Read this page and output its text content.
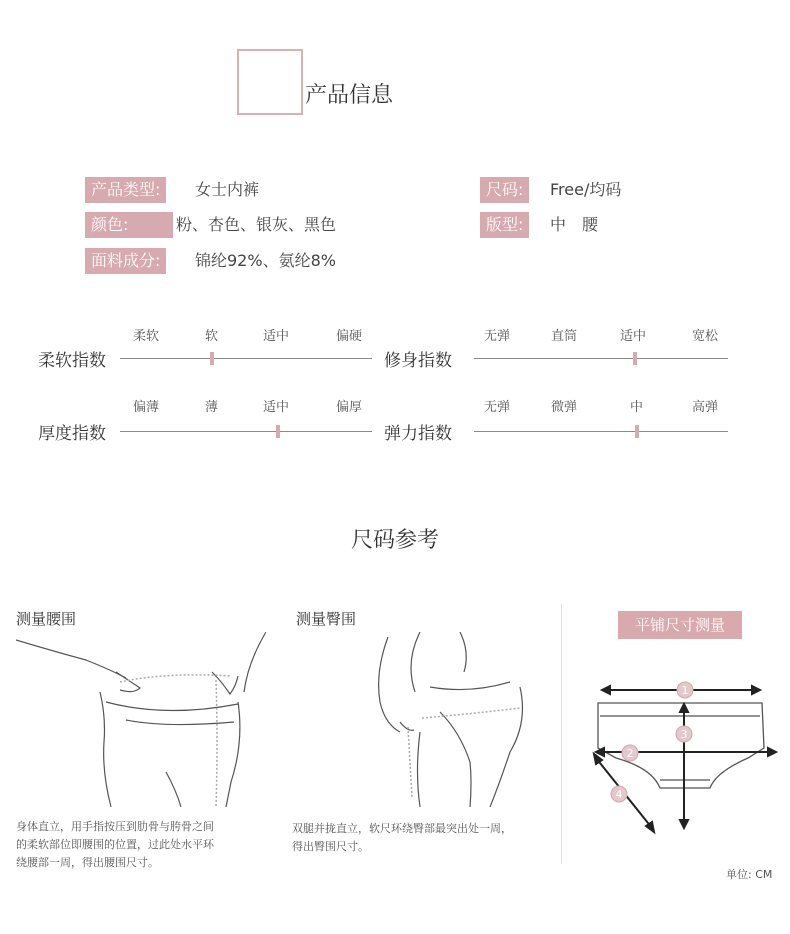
产品信息
产品类型:	女士内裤
颜色:	粉、杏色、银灰、黑色
面料成分:	锦纶92%、氨纶8%
尺码:	Free/均码
版型:	中　腰
柔软指数
柔软	软	适中	偏硬
修身指数
无弹	直筒	适中	宽松
厚度指数
偏薄	薄	适中	偏厚
弹力指数
无弹	微弹	中	高弹
尺码参考
测量腰围
身体直立，用手指按压到肋骨与胯骨之间
的柔软部位即腰围的位置，过此处水平环
绕腰部一周，得出腰围尺寸。
测量臀围
双腿并拢直立，软尺环绕臀部最突出处一周，
得出臀围尺寸。
平铺尺寸测量
1
2
3
4
单位: CM
